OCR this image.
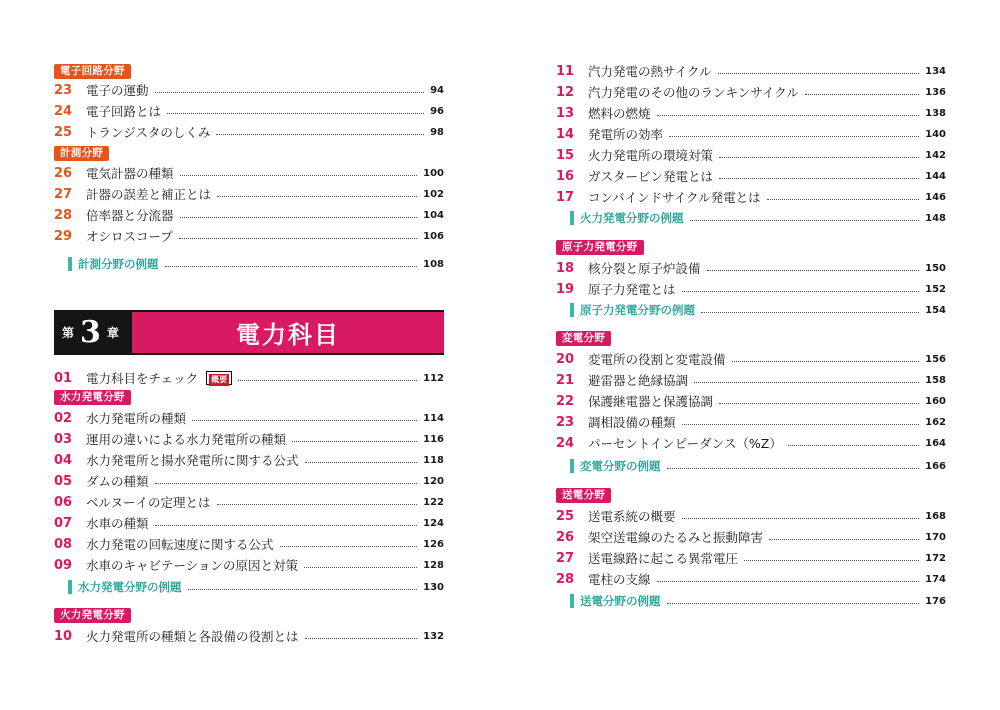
電子回路分野
23	電子の運動	94
24	電子回路とは	96
25	トランジスタのしくみ	98
計測分野
26	電気計器の種類	100
27	計器の誤差と補正とは	102
28	倍率器と分流器	104
29	オシロスコープ	106
計測分野の例題	108
第 3 章	電力科目
01	電力科目をチェック	概要	112
水力発電分野
02	水力発電所の種類	114
03	運用の違いによる水力発電所の種類	116
04	水力発電所と揚水発電所に関する公式	118
05	ダムの種類	120
06	ベルヌーイの定理とは	122
07	水車の種類	124
08	水力発電の回転速度に関する公式	126
09	水車のキャビテーションの原因と対策	128
水力発電分野の例題	130
火力発電分野
10	火力発電所の種類と各設備の役割とは	132
11	汽力発電の熱サイクル	134
12	汽力発電のその他のランキンサイクル	136
13	燃料の燃焼	138
14	発電所の効率	140
15	火力発電所の環境対策	142
16	ガスタービン発電とは	144
17	コンバインドサイクル発電とは	146
火力発電分野の例題	148
原子力発電分野
18	核分裂と原子炉設備	150
19	原子力発電とは	152
原子力発電分野の例題	154
変電分野
20	変電所の役割と変電設備	156
21	避雷器と絶縁協調	158
22	保護継電器と保護協調	160
23	調相設備の種類	162
24	パーセントインピーダンス（%Z）	164
変電分野の例題	166
送電分野
25	送電系統の概要	168
26	架空送電線のたるみと振動障害	170
27	送電線路に起こる異常電圧	172
28	電柱の支線	174
送電分野の例題	176
